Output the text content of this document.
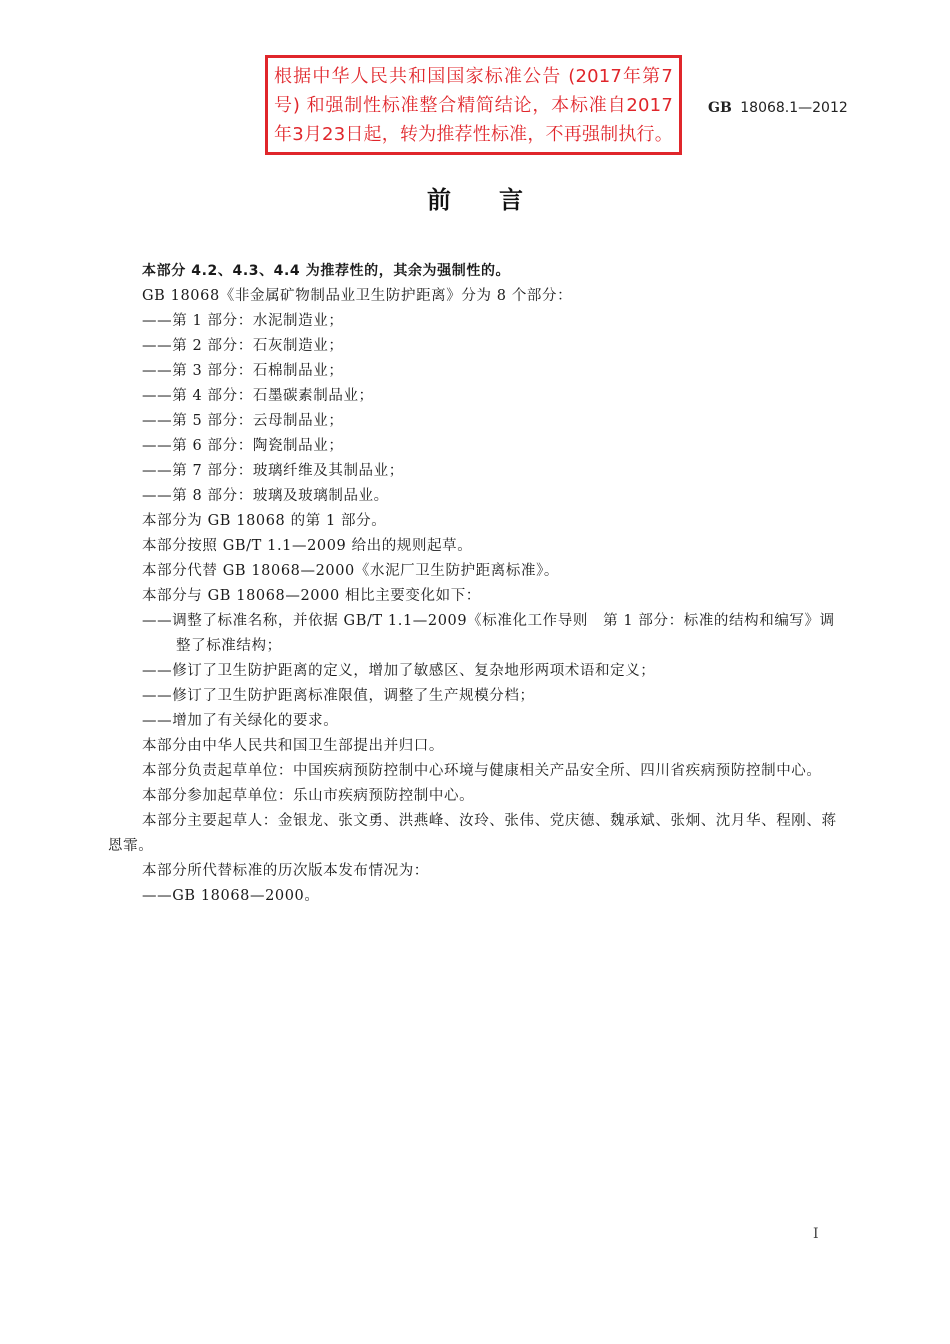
根据中华人民共和国国家标准公告 (2017年第7号) 和强制性标准整合精简结论，本标准自2017年3月23日起，转为推荐性标准，不再强制执行。
GB 18068.1—2012
前言

本部分 4.2、4.3、4.4 为推荐性的，其余为强制性的。

GB 18068《非金属矿物制品业卫生防护距离》分为 8 个部分：

——第 1 部分：水泥制造业；

——第 2 部分：石灰制造业；

——第 3 部分：石棉制品业；

——第 4 部分：石墨碳素制品业；

——第 5 部分：云母制品业；

——第 6 部分：陶瓷制品业；

——第 7 部分：玻璃纤维及其制品业；

——第 8 部分：玻璃及玻璃制品业。

本部分为 GB 18068 的第 1 部分。

本部分按照 GB/T 1.1—2009 给出的规则起草。

本部分代替 GB 18068—2000《水泥厂卫生防护距离标准》。

本部分与 GB 18068—2000 相比主要变化如下：

——调整了标准名称，并依据 GB/T 1.1—2009《标准化工作导则　第 1 部分：标准的结构和编写》调整了标准结构；

——修订了卫生防护距离的定义，增加了敏感区、复杂地形两项术语和定义；

——修订了卫生防护距离标准限值，调整了生产规模分档；

——增加了有关绿化的要求。

本部分由中华人民共和国卫生部提出并归口。

本部分负责起草单位：中国疾病预防控制中心环境与健康相关产品安全所、四川省疾病预防控制中心。

本部分参加起草单位：乐山市疾病预防控制中心。

本部分主要起草人：金银龙、张文勇、洪燕峰、汝玲、张伟、党庆德、魏承斌、张炯、沈月华、程刚、蒋恩霏。

本部分所代替标准的历次版本发布情况为：

——GB 18068—2000。

I
